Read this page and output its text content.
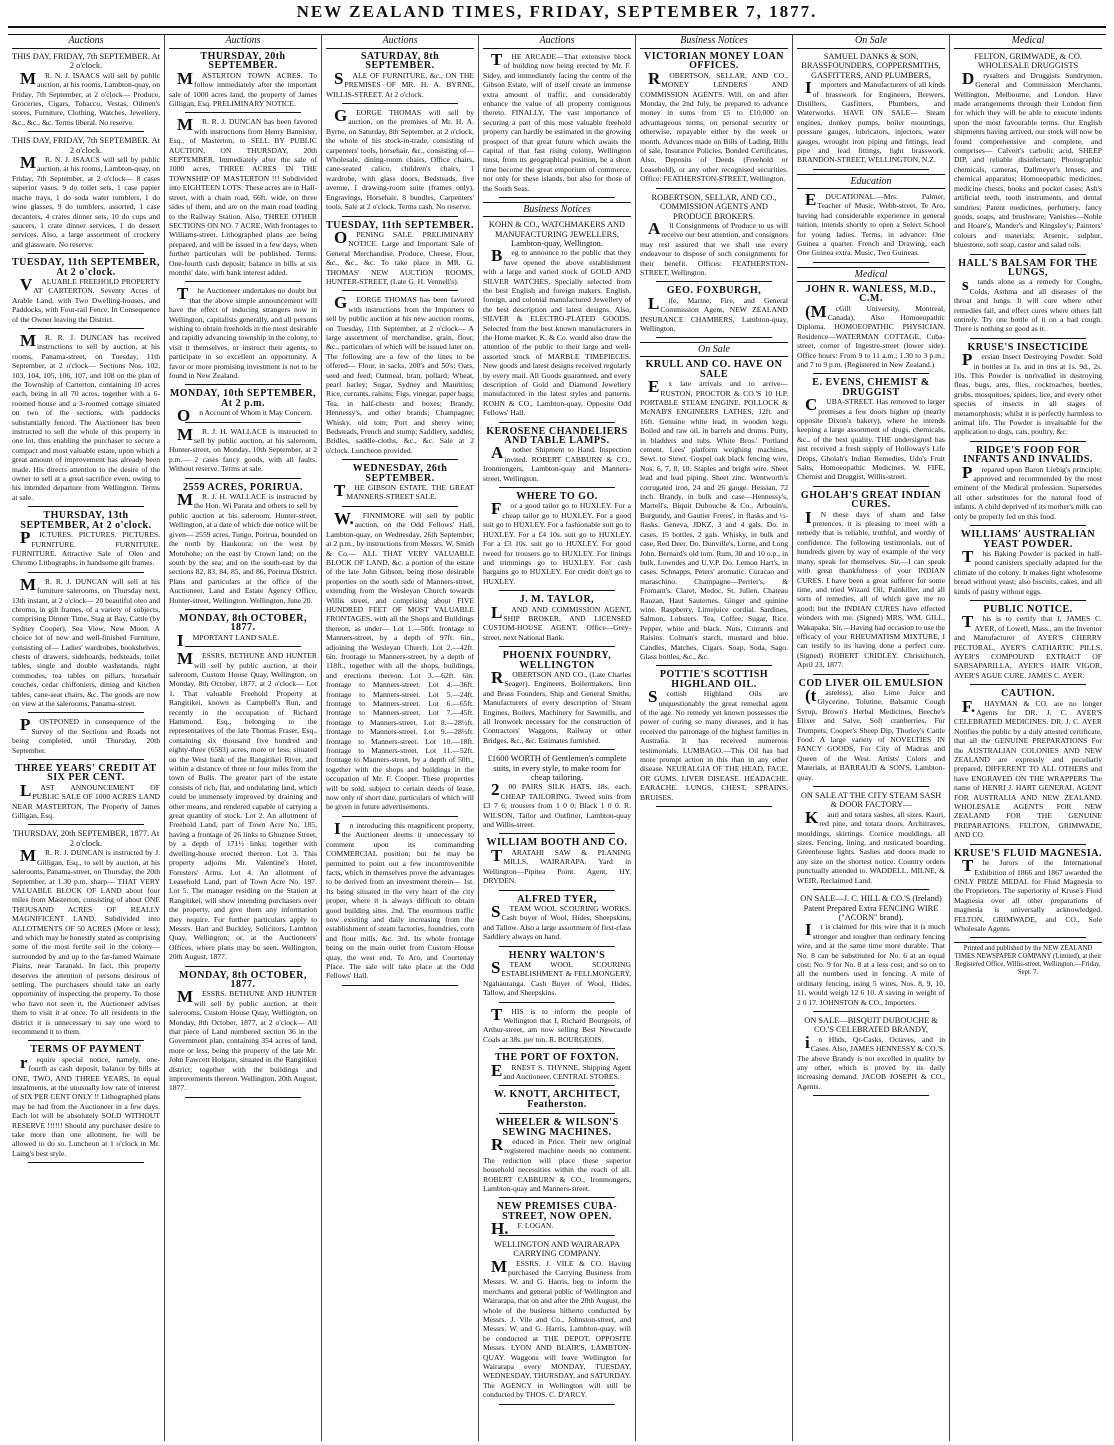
NEW ZEALAND TIMES, FRIDAY, SEPTEMBER 7, 1877.
Auctions
THIS DAY, FRIDAY, 7th SEPTEMBER. At 2 o'clock.

MR. N. J. ISAACS will sell by public auction, at his rooms, Lambton-quay, on Friday, 7th September, at 2 o'clock— Produce, Groceries, Cigars, Tobacco, Vestas, Oilmen's stores, Furniture, Clothing, Watches, Jewellery, &c., &c., &c. Terms liberal. No reserve.

THIS DAY, FRIDAY, 7th SEPTEMBER. At 2 o'clock.

MR. N. J. ISAACS will sell by public auction, at his rooms, Lambton-quay, on Friday, 7th September, at 2 o'clock— 8 cases superior vases, 9 do toilet sets, 1 case papier mache trays, 1 do soda water tumblers, 1 do wine glasses, 9 do tumblers, assorted, 1 case decanters, 4 crates dinner sets, 10 do cups and saucers, 1 crate dinner services, 1 do dessert services. Also, a large assortment of crockery and glassware. No reserve.

TUESDAY, 11th SEPTEMBER, At 2 o'clock.

VALUABLE FREEHOLD PROPERTY AT CARTERTON. Seventy Acres of Arable Land, with Two Dwelling-houses, and Paddocks, with Four-rail Fence. In Consequence of the Owner leaving the District.

MR. R. J. DUNCAN has received instructions to sell by auction, at his rooms, Panama-street, on Tuesday, 11th September, at 2 o'clock— Sections Nos. 102, 103, 104, 105, 106, 107, and 108 on the plan of the Township of Carterton, containing 10 acres each, being in all 70 acres, together with a 6-roomed house and a 3-roomed cottage situated on two of the sections, with paddocks substantially fenced. The Auctioneer has been instructed to sell the whole of this property in one lot, thus enabling the purchaser to secure a compact and most valuable estate, upon which a great amount of improvement has already been made. His directs attention to the desire of the owner to sell at a great sacrifice even, owing to his intended departure from Wellington. Terms at sale.

THURSDAY, 13th SEPTEMBER, At 2 o'clock.

PICTURES. PICTURES. PICTURES. FURNITURE. FURNITURE. FURNITURE. Attractive Sale of Oleo and Chromo Lithographs, in handsome gilt frames.

MR. R. J. DUNCAN will sell at his furniture salerooms, on Thursday next, 13th instant, at 2 o'clock— 20 beautiful oleo and chromo, in gilt frames, of a variety of subjects, comprising Dinner Time, Stag at Bay, Cattle (by Sydney Cooper), Sea View, New Moon. A choice lot of new and well-finished Furniture, consisting of— Ladies' wardrobes, bookshelves, chests of drawers, sideboards, bedsteads, toilet tables, single and double washstands, night commodes, tea tables on pillars, horsehair couches, cedar chiffoniers, dining and kitchen tables, cane-seat chairs, &c. The goods are now on view at the salerooms, Panama-street.

POSTPONED in consequence of the Survey of the Sections and Roads not being completed, until Thursday, 20th September.

THREE YEARS' CREDIT AT SIX PER CENT.

LAST ANNOUNCEMENT OF PUBLIC SALE OF 1000 ACRES LAND NEAR MASTERTON, The Property of James Gilligan, Esq.

THURSDAY, 20th SEPTEMBER, 1877. At 2 o'clock.

MR. R. J. DUNCAN is instructed by J. Gilligan, Esq., to sell by auction, at his salerooms, Panama-street, on Thursday, the 20th September, at 1.30 p.m. sharp— THAT VERY VALUABLE BLOCK OF LAND about four miles from Masterton, consisting of about ONE THOUSAND ACRES OF REALLY MAGNIFICENT LAND, Subdivided into ALLOTMENTS OF 50 ACRES (More or less); and which may be honestly stated as comprising some of the most fertile soil in the colony— surrounded by and up to the far-famed Waimate Plains, near Taranaki. In fact, this property deserves the attention of persons desirous of settling. The purchasers should take an early opportunity of inspecting the property. To those who have not seen it, the Auctioneer advises them to visit it at once. To all residents in the district it is unnecessary to say one word to recommend it to them.

TERMS OF PAYMENT

require special notice, namely, one-fourth as cash deposit, balance by bills at ONE, TWO, AND THREE YEARS, In equal instalments, at the unusually low rate of interest of SIX PER CENT ONLY !! Lithographed plans may be had from the Auctioneer in a few days. Each lot will be absolutely SOLD WITHOUT RESERVE !!!!!! Should any purchaser desire to take more than one allotment, he will be allowed to do so. Luncheon at 1 o'clock in Mr. Laing's best style.

Auctions
THURSDAY, 20th SEPTEMBER.

MASTERTON TOWN ACRES. To follow immediately after the important sale of 1000 acres land, the property of James Gilligan, Esq. PRELIMINARY NOTICE.

MR. R. J. DUNCAN has been favored with instructions from Henry Bannister, Esq., of Masterton, to SELL BY PUBLIC AUCTION, ON THURSDAY, 20th SEPTEMBER, Immediately after the sale of 1000 acres, THREE ACRES IN THE TOWNSHIP OF MASTERTON !!! Subdivided into EIGHTEEN LOTS. These acres are in Hall-street, with a chain road, 66ft. wide, on three sides of them, and are on the main road leading to the Railway Station. Also, THREE OTHER SECTIONS ON NO. 7 ACRE, With frontages to Williams-street. Lithographed plans are being prepared, and will be issued in a few days, when further particulars will be published. Terms: One-fourth cash deposit; balance in bills at six months' date, with bank interest added.

The Auctioneer undertakes no doubt but that the above simple announcement will have the effect of inducing strangers now in Wellington, capitalists generally, and all persons wishing to obtain freeholds in the most desirable and rapidly advancing township in the colony, to visit it themselves, or instruct their agents, to participate in so excellent an opportunity. A favor or more promising investment is not to be found in New Zealand.

MONDAY, 10th SEPTEMBER, At 2 p.m.

On Account of Whom it May Concern.

MR. J. H. WALLACE is instructed to sell by public auction, at his saleroom, Hunter-street, on Monday, 10th September, at 2 p.m.— 2 cases fancy goods, with all faults. Without reserve. Terms at sale.

2559 ACRES, PORIRUA.

MR. J. H. WALLACE is instructed by the Hon. Wi Parata and others to sell by public auction at his saleroom, Hunter-street, Wellington, at a date of which due notice will be given— 2559 acres, Tungo, Porirua, bounded on the north by Haukoura; on the west by Motuhohe; on the east by Crown land; on the south by the sea; and on the south-east by the sections 82, 83, 84, 85, and 86, Porirua District. Plans and particulars at the office of the Auctioneer, Land and Estate Agency Office, Hunter-street, Wellington. Wellington, June 20.

MONDAY, 8th OCTOBER, 1877.

IMPORTANT LAND SALE.

MESSRS. BETHUNE AND HUNTER will sell by public auction, at their saleroom, Custom House Quay, Wellington, on Monday, 8th October, 1877, at 2 o'clock— Lot 1. That valuable Freehold Property at Rangitikei, known as Campbell's Run, and recently in the occupation of Richard Hammond, Esq., belonging to the representatives of the late Thomas Fraser, Esq., containing six thousand five hundred and eighty-three (6583) acres, more or less, situated on the West bank of the Rangitikei River, and within a distance of three or four miles from the town of Bulls. The greater part of the estate consists of rich, flat, and undulating land, which could be immensely improved by draining and other means, and rendered capable of carrying a great quantity of stock. Lot 2. An allotment of Freehold Land, part of Town Acre No. 185, having a frontage of 26 links to Ghuznee Street, by a depth of 171½ links; together with dwelling-house erected thereon. Lot 3. This property adjoins Mr. Valentine's Hotel, Foresters' Arms. Lot 4. An allotment of Leasehold Land, part of Town Acre No. 197. Lot 5. The manager residing on the Station at Rangitikei, will show intending purchasers over the property, and give them any information they require. For further particulars apply to Messrs. Hart and Buckley, Solicitors, Lambton Quay, Wellington; or, at the Auctioneers' Offices, where plans may be seen. Wellington, 20th August, 1877.

MONDAY, 8th OCTOBER, 1877.

MESSRS. BETHUNE AND HUNTER will sell by public auction, at their salerooms, Custom House Quay, Wellington, on Monday, 8th October, 1877, at 2 o'clock— All that piece of Land numbered section 36 in the Government plan, containing 354 acres of land, more or less, being the property of the late Mr. John Fawcett Holgate, situated in the Rangitikei district; together with the buildings and improvements thereon. Wellington, 20th August, 1877.

Auctions
SATURDAY, 8th SEPTEMBER.

SALE OF FURNITURE, &c., ON THE PREMISES OF MR. H. A. BYRNE, WILLIS-STREET. At 2 o'clock.

GEORGE THOMAS will sell by auction, on the premises of Mr. H. A. Byrne, on Saturday, 8th September, at 2 o'clock, the whole of his stock-in-trade, consisting of carpenters' tools, horsehair, &c., consisting of— Wholesale, dining-room chairs, Office chairs, cane-seated calico, children's chairs, 1 wardrobe, with glass doors, Bedsteads, five avenue, 1 drawing-room suite (frames only), Engravings, Horsehair, 8 bundles, Carpenters' tools. Sale at 2 o'clock. Terms cash. No reserve.

TUESDAY, 11th SEPTEMBER.

OPENING SALE. PRELIMINARY NOTICE. Large and Important Sale of General Merchandise, Produce, Cheese, Flour, &c., &c., &c. To take place in MR. G. THOMAS' NEW AUCTION ROOMS, HUNTER-STREET, (Late G. H. Vennell's).

GEORGE THOMAS has been favored with instructions from the Importers to sell by public auction at his new auction rooms, on Tuesday, 11th September, at 2 o'clock— A large assortment of merchandise, grain, flour, &c., particulars of which will be issued later on. The following are a few of the lines to be offered— Flour, in sacks, 200's and 50's; Oats, seed and feed; Oatmeal, bran, pollard; Wheat, pearl barley; Sugar, Sydney and Mauritius; Rice, currants, raisins; Figs, vinegar, paper bags; Tea, in half-chests and boxes; Brandy, Hennessy's, and other brands; Champagne; Whisky, old tom; Port and sherry wine; Bedsteads, French and stump; Saddlery, saddles; Bridles, saddle-cloths, &c., &c. Sale at 2 o'clock. Luncheon provided.

WEDNESDAY, 26th SEPTEMBER.

THE GIBSON ESTATE. THE GREAT MANNERS-STREET SALE.

W.FINNIMORE will sell by public auction, on the Odd Fellows' Hall, Lambton-quay, on Wednesday, 26th September, at 2 p.m., by instructions from Messrs. W. Smith & Co.— ALL THAT VERY VALUABLE BLOCK OF LAND, &c. a portion of the estate of the late John Gibson, being those desirable properties on the south side of Manners-street, extending from the Wesleyan Church towards Willis street, and comprising about FIVE HUNDRED FEET OF MOST VALUABLE FRONTAGES, with all the Shops and Buildings thereon, as under— Lot 1.—50ft. frontage to Manners-street, by a depth of 97ft. 6in., adjoining the Wesleyan Church. Lot 2.—42ft. 6in. frontage to Manners-street, by a depth of 118ft., together with all the shops, buildings, and erections thereon. Lot 3.—62ft. 6in. frontage to Manners-street. Lot 4.—36ft. frontage to Manners-street. Lot 5.—24ft. frontage to Manners-street. Lot 6.—65ft. frontage to Manners-street. Lot 7.—45ft. frontage to Manners-street. Lot 8.—28½ft. frontage to Manners-street. Lot 9.—28½ft. frontage to Manners-street. Lot 10.—18ft. frontage to Manners-street. Lot 11.—52ft. frontage to Manners-street, by a depth of 50ft., together with the shops and buildings in the occupation of Mr. F. Cooper. These properties will be sold, subject to certain deeds of lease, now only of short date, particulars of which will be given in future advertisements.

In introducing this magnificent property, the Auctioneer deems it unnecessary to comment upon its commanding COMMERCIAL position; but he may be permitted to point out a few incontrovertible facts, which in themselves prove the advantages to be derived from an investment therein— 1st. Its being situated in the very heart of the city proper, where it is always difficult to obtain good building sites. 2nd. The enormous traffic now existing and daily increasing from the establishment of steam factories, foundries, corn and flour mills, &c. 3rd. Its whole frontage being on the main outlet from Custom House quay, the west end, Te Aro, and Courtenay Place. The sale will take place at the Odd Fellows' Hall.

Auctions

THE ARCADE—That extensive block of building now being erected by Mr. F. Sidey, and immediately facing the centre of the Gibson Estate, will of itself create an immense extra amount of traffic, and considerably enhance the value of all property contiguous thereto. FINALLY, The vast importance of securing a part of this most valuable freehold property can hardly be estimated in the growing prospect of that great future which awaits the capital of that fast rising colony, Wellington must, from its geographical position, be a short time become the great emporium of commerce, not only for these islands, but also for those of the South Seas.

Business Notices
KOHN & CO., WATCHMAKERS AND MANUFACTURING JEWELLERS, Lambton-quay, Wellington.

Beg to announce to the public that they have opened the above establishment with a large and varied stock of GOLD AND SILVER WATCHES, Specially selected from the best English and foreign makers. English, foreign, and colonial manufactured Jewellery of the best description and latest designs. Also, SILVER & ELECTRO-PLATED GOODS. Selected from the best known manufacturers in the Home market. K. & Co. would also draw the attention of the public to their large and well-assorted stock of MARBLE TIMEPIECES. New goods and latest designs received regularly by every mail. All Goods guaranteed, and every description of Gold and Diamond Jewellery manufactured in the latest styles and patterns. KOHN & CO., Lambton-quay, Opposite Odd Fellows' Hall.

KEROSENE CHANDELIERS AND TABLE LAMPS.

Another Shipment to Hand. Inspection invited. ROBERT CABBURN & CO., Ironmongers, Lambton-quay and Manners-street, Wellington.

WHERE TO GO.

For a good tailor go to HUXLEY. For a cheap tailor go to HUXLEY. For a good suit go to HUXLEY. For a fashionable suit go to HUXLEY. For a £4 10s. suit go to HUXLEY. For a £3 10s. suit go to HUXLEY. For good tweed for trousers go to HUXLEY. For linings and trimmings go to HUXLEY. For cash bargains go to HUXLEY. For credit don't go to HUXLEY.

J. M. TAYLOR,

LAND AND COMMISSION AGENT, SHIP BROKER, AND LICENSED CUSTOM-HOUSE AGENT. Office—Grey-street, next National Bank.

PHOENIX FOUNDRY, WELLINGTON

ROBERTSON AND CO., (Late Charles Seager). Engineers, Boilermakers, Iron and Brass Founders, Ship and General Smiths, Manufacturers of every description of Steam Engines, Boilers, Machinery for Sawmills, and all Ironwork necessary for the construction of Contractors' Waggons, Railway or other Bridges, &c., &c. Estimates furnished.

£1600 WORTH of Gentlemen's complete suits, in every style, to make room for cheap tailoring.

200 PAIRS SILK HATS, 18s. each. CHEAP TAILORING. Tweed suits from £3 7 6; trousers from 1 0 0; Black 1 0 0. R. WILSON, Tailor and Outfitter, Lambton-quay and Willis-street.

WILLIAM BOOTH AND CO.

TARATAHI SAW & PLANING MILLS, WAIRARAPA. Yard in Wellington—Pipitea Point. Agent, HY. DRYDEN.

ALFRED TYER,

STEAM WOOL SCOURING WORKS. Cash buyer of Wool, Hides, Sheepskins, and Tallow. Also a large assortment of first-class Saddlery always on hand.

HENRY WALTON'S

STEAM WOOL SCOURING ESTABLISHMENT & FELLMONGERY, Ngahauranga. Cash Buyer of Wool, Hides, Tallow, and Sheepskins.

THIS is to inform the people of Wellington that I, Richard Bourgeois, of Arthur-street, am now selling Best Newcastle Coals at 38s. per ton. R. BOURGEOIS.

THE PORT OF FOXTON.

ERNEST S. THYNNE, Shipping Agent and Auctioneer, CENTRAL STORES.

W. KNOTT, ARCHITECT, Featherston.
WHEELER & WILSON'S SEWING MACHINES.

Reduced in Price. Their new original registered machine needs no comment. The reduction will place these superior household necessities within the reach of all. ROBERT CABBURN & CO., Ironmongers, Lambton-quay and Manners-street.

NEW PREMISES CUBA-STREET, NOW OPEN.

H.F. LOGAN.

WELLINGTON AND WAIRARAPA CARRYING COMPANY.

MESSRS. J. VILE & CO. Having purchased the Carrying Business from Messrs. W. and G. Harris, beg to inform the merchants and general public of Wellington and Wairarapa, that on and after the 20th August, the whole of the business hitherto conducted by Messrs. J. Vile and Co., Johnston-street, and Messrs. W. and G. Harris, Lambton-quay, will be conducted at THE DEPOT, OPPOSITE Messrs. LYON AND BLAIR'S, LAMBTON-QUAY. Waggons will leave Wellington for Wairarapa every MONDAY, TUESDAY, WEDNESDAY, THURSDAY, and SATURDAY. The AGENCY in Wellington will still be conducted by THOS. C. D'ARCY.

Business Notices
VICTORIAN MONEY LOAN OFFICES.

ROBERTSON, SELLAR, AND CO., MONEY LENDERS AND COMMISSION AGENTS. Will, on and after Monday, the 2nd July, be prepared to advance money in sums from £5 to £10,000 on advantageous terms, on personal security or otherwise, repayable either by the week or month. Advances made on Bills of Lading, Bills of sale, Insurance Policies, Bonded Certificates, Also, Deposits of Deeds (Freehold or Leasehold), or any other recognised securities. Office: FEATHERSTON-STREET, Wellington.

ROBERTSON, SELLAR, AND CO., COMMISSION AGENTS AND PRODUCE BROKERS.

All Consignments of Produce to us will receive our best attention, and consignors may rest assured that we shall use every endeavour to dispose of such consignments for their benefit. Offices: FEATHERSTON-STREET, Wellington.

GEO. FOXBURGH,

Life, Marine, Fire, and General Commission Agent, NEW ZEALAND INSURANCE CHAMBERS, Lambton-quay, Wellington.

On Sale
KRULL AND CO. HAVE ON SALE

Ex late arrivals and to arrive— RUSTON, PROCTOR & CO.'S 10 H.P. PORTABLE STEAM ENGINE. POLLOCK & McNAB'S ENGINEERS LATHES, 12ft. and 16ft. Genuine white lead, in wooden kegs. Boiled and raw oil, in barrels and drums. Putty, in bladders and tubs. White Bros.' Portland cement. Lees' platform weighing machines, Sewt. to Stewt. Gospel oak black fencing wire, Nos. 6, 7, 8, 10. Staples and bright wire. Sheet lead and lead piping. Sheet zinc. Wentworth's corrugated iron, 24 and 26 gauge. Hessian, 72 inch. Brandy, in bulk and case—Hennessy's, Martell's, Biquit Dubouche & Co., Arbouin's, Burgundy, and Gautier Freres', in flasks and ½-flasks. Geneva, JDKZ, 3 and 4 gals. Do. in cases, 15 bottles, 2 gals. Whisky, in bulk and case, Red Deer. Do. Dunville's, Lorne, and Long John. Bernard's old tom. Rum, 30 and 10 o.p., in bulk, Lowndes and U.V.P. Do. Lemon Hart's, in cases. Schnapps, Peters' aromatic. Curacao and maraschino. Champagne—Perrier's, & Fromant's. Claret, Medoc, St. Julien, Chateau Rauzan, Haut Sauternes. Ginger and quinine wine. Raspberry, Limejuice cordial. Sardines, Salmon, Lobsters. Tea, Coffee, Sugar, Rice. Pepper, white and black. Nuts, Currants and Raisins. Colman's starch, mustard and blue. Candles, Matches, Cigars. Soap, Soda, Sago. Glass bottles, &c., &c.

POTTIE'S SCOTTISH HIGHLAND OIL.

Scottish Highland Oils are unquestionably the great remedial agent of the age. No remedy yet known possesses the power of curing so many diseases, and it has received the patronage of the highest families in Australia. It has received numerous testimonials. LUMBAGO.—This Oil has had more prompt action in this than in any other disease. NEURALGIA OF THE HEAD, FACE, OR GUMS. LIVER DISEASE. HEADACHE. EARACHE. LUNGS, CHEST, SPRAINS, BRUISES.

On Sale
SAMUEL DANKS & SON, BRASSFOUNDERS, COPPERSMITHS, GASFITTERS, AND PLUMBERS,

Importers and Manufacturers of all kinds of brasswork for Engineers, Brewers, Distillers, Gasfitters, Plumbers, and Waterworks. HAVE ON SALE— Steam engines, donkey pumps, boiler mountings, pressure gauges, lubricators, injectors, water gauges, wrought iron piping and fittings, lead pipe and lead fittings, light brasswork. BRANDON-STREET, WELLINGTON, N.Z.

Education

EDUCATIONAL.—Mrs. Palmer, Teacher of Music, Webb-street, Te Aro, having had considerable experience in general tuition, intends shortly to open a Select School for young ladies. Terms, in advance: One Guinea a quarter. French and Drawing, each One Guinea extra. Music, Two Guineas.

Medical
JOHN R. WANLESS, M.D., C.M.

(McGill University, Montreal, Canada), Also Homoeopathic Diploma. HOMOEOPATHIC PHYSICIAN. Residence—WATERMAN COTTAGE, Cuba-street, corner of Ingestre-street (lower side). Office hours: From 9 to 11 a.m.; 1.30 to 3 p.m.; and 7 to 9 p.m. (Registered in New Zealand.)

E. EVENS, CHEMIST & DRUGGIST

CUBA-STREET. Has removed to larger premises a few doors higher up (nearly opposite Dixon's bakery), where he intends keeping a large assortment of drugs, chemicals, &c., of the best quality. THE undersigned has just received a fresh supply of Holloway's Life Drops, Gholah's Indian Remedies, Udo's Fruit Salts, Homoeopathic Medicines. W. FIFE, Chemist and Druggist, Willis-street.

GHOLAH'S GREAT INDIAN CURES.

IN these days of sham and false pretences, it is pleasing to meet with a remedy that is reliable, truthful, and worthy of confidence. The following testimonials, out of hundreds given by way of example of the very many, speak for themselves. Sir,—I can speak with great thankfulness of your INDIAN CURES. I have been a great sufferer for some time, and tried Wizard Oil, Painkiller, and all sorts of remedies, all of which gave me no good; but the INDIAN CURES have effected wonders with me. (Signed) MRS. WM. GILL, Wakapaka. Sir,—Having had occasion to use the efficacy of your RHEUMATISM MIXTURE, I can testify to its having done a perfect cure. (Signed) ROBERT CRIDLEY. Christchurch, April 23, 1877.

COD LIVER OIL EMULSION

(tasteless), also Lime Juice and Glycerine, Tolutine, Balsamic Cough Syrup, Brown's Herbal Medicines, Beeche's Elixer and Salve, Soft cranberries, Fur Trumpets, Cooper's Sheep Dip, Thorley's Cattle Food. A large variety of NOVELTIES IN FANCY GOODS, For City of Madras and Queen of the West. Artists' Colors and Materials, at BARRAUD & SON'S, Lambton-quay.

ON SALE AT THE CITY STEAM SASH & DOOR FACTORY—

Kauri and totara sashes, all sizes. Kauri, red pine, and totara doors. Architraves, mouldings, skirtings. Cornice mouldings, all sizes. Fencing, lining, and rusticated boarding. Greenhouse lights. Sashes and doors made to any size on the shortest notice. Country orders punctually attended to. WADDELL, MILNE, & WEIR, Reclaimed Land.

ON SALE—J. C. HILL & CO.'S (Ireland) Patent Prepared Extra FENCING WIRE ("ACORN" brand).

It is claimed for this wire that it is much stronger and tougher than ordinary fencing wire, and at the same time more durable. That No. 8 can be substituted for No. 6 at an equal cost; No. 9 for No. 8 at a less cost; and so on to all the numbers used in fencing. A mile of ordinary fencing, using 5 wires, Nos. 8, 9, 10, 11, would weigh 12 6 10. A saving in weight of 2 0 17. JOHNSTON & CO., Importers.

ON SALE—BISQUIT DUBOUCHE & CO.'S CELEBRATED BRANDY,

in Hhds, Qr-Casks, Octaves, and in Cases. Also, JAMES HENNESSY & CO.'S. The above Brandy is not excelled in quality by any other, which is proved by its daily increasing demand. JACOB JOSEPH & CO., Agents.

Medical
FELTON, GRIMWADE, & CO. WHOLESALE DRUGGISTS

Drysalters and Druggists Sundrymen, General and Commission Merchants, Wellington, Melbourne, and London. Have made arrangements through their London firm for which they will be able to execute indents upon the most favourable terms. Our English shipments having arrived, our stock will now be found comprehensive and complete, and comprises— Calvert's carbolic acid, SHEEP DIP, and reliable disinfectant; Photographic chemicals, cameras, Dallmeyer's lenses, and chemical apparatus; Homoeopathic medicines, medicine chests, books and pocket cases; Ash's artificial teeth, tooth instruments, and dental sundries; Patent medicines, perfumery, fancy goods, soaps, and brushware; Vanishes—Noble and Hoare's, Mander's and Kingsley's; Painters' colours and materials; Arsenic, sulphur, bluestone, soft soap, castor and salad oils.

HALL'S BALSAM FOR THE LUNGS,

stands alone as a remedy for Coughs, Colds, Asthma and all diseases of the throat and lungs. It will cure where other remedies fail, and effect cures where others fall entirely. Try one bottle of it on a bad cough. There is nothing so good as it.

KRUSE'S INSECTICIDE

Persian Insect Destroying Powder. Sold in bottles at 1s. and in tins at 1s. 9d., 2s. 10s. This Powder is unrivalled in destroying fleas, bugs, ants, flies, cockroaches, beetles, grubs, mosquitoes, spiders, lice, and every other species of insects in all stages of metamorphosis; whilst it is perfectly harmless to animal life. The Powder is invaluable for the application to dogs, cats, poultry, &c.

RIDGE'S FOOD FOR INFANTS AND INVALIDS.

Prepared upon Baron Liebig's principle; approved and recommended by the most eminent of the Medical profession. Supersedes all other substitutes for the natural food of infants. A child deprived of its mother's milk can only be properly fed on this food.

WILLIAMS' AUSTRALIAN YEAST POWDER.

This Baking Powder is packed in half-pound canisters specially adapted for the climate of the colony. It makes light wholesome bread without yeast; also biscuits, cakes, and all kinds of pastry without eggs.

PUBLIC NOTICE.

This is to certify that I, JAMES C. AYER, of Lowell, Mass., am the Inventor and Manufacturer of AYER'S CHERRY PECTORAL, AYER'S CATHARTIC PILLS, AYER'S COMPOUND EXTRACT OF SARSAPARILLA, AYER'S HAIR VIGOR, AYER'S AGUE CURE. JAMES C. AYER.

CAUTION.

F.HAYMAN & CO. are no longer Agents for DR. J. C. AYER'S CELEBRATED MEDICINES. DR. J. C. AYER Notifies the public by a duly attested certificate, that all the GENUINE PREPARATIONS For the AUSTRALIAN COLONIES AND NEW ZEALAND are expressly and peculiarly prepared, DIFFERENT TO ALL OTHERS and have ENGRAVED ON THE WRAPPERS The name of HENRI J. HART GENERAL AGENT FOR AUSTRALIA AND NEW ZEALAND. WHOLESALE AGENTS FOR NEW ZEALAND FOR THE GENUINE PREPARATIONS. FELTON, GRIMWADE, AND CO.

KRUSE'S FLUID MAGNESIA.

The Jurors of the International Exhibition of 1866 and 1867 awarded the ONLY PRIZE MEDAL for Fluid Magnesia to the Proprietors. The superiority of Kruse's Fluid Magnesia over all other preparations of magnesia is universally acknowledged. FELTON, GRIMWADE, and CO., Sole Wholesale Agents.

Printed and published by the NEW ZEALAND TIMES NEWSPAPER COMPANY (Limited), at their Registered Office, Willis-street, Wellington.—Friday, Sept. 7.
